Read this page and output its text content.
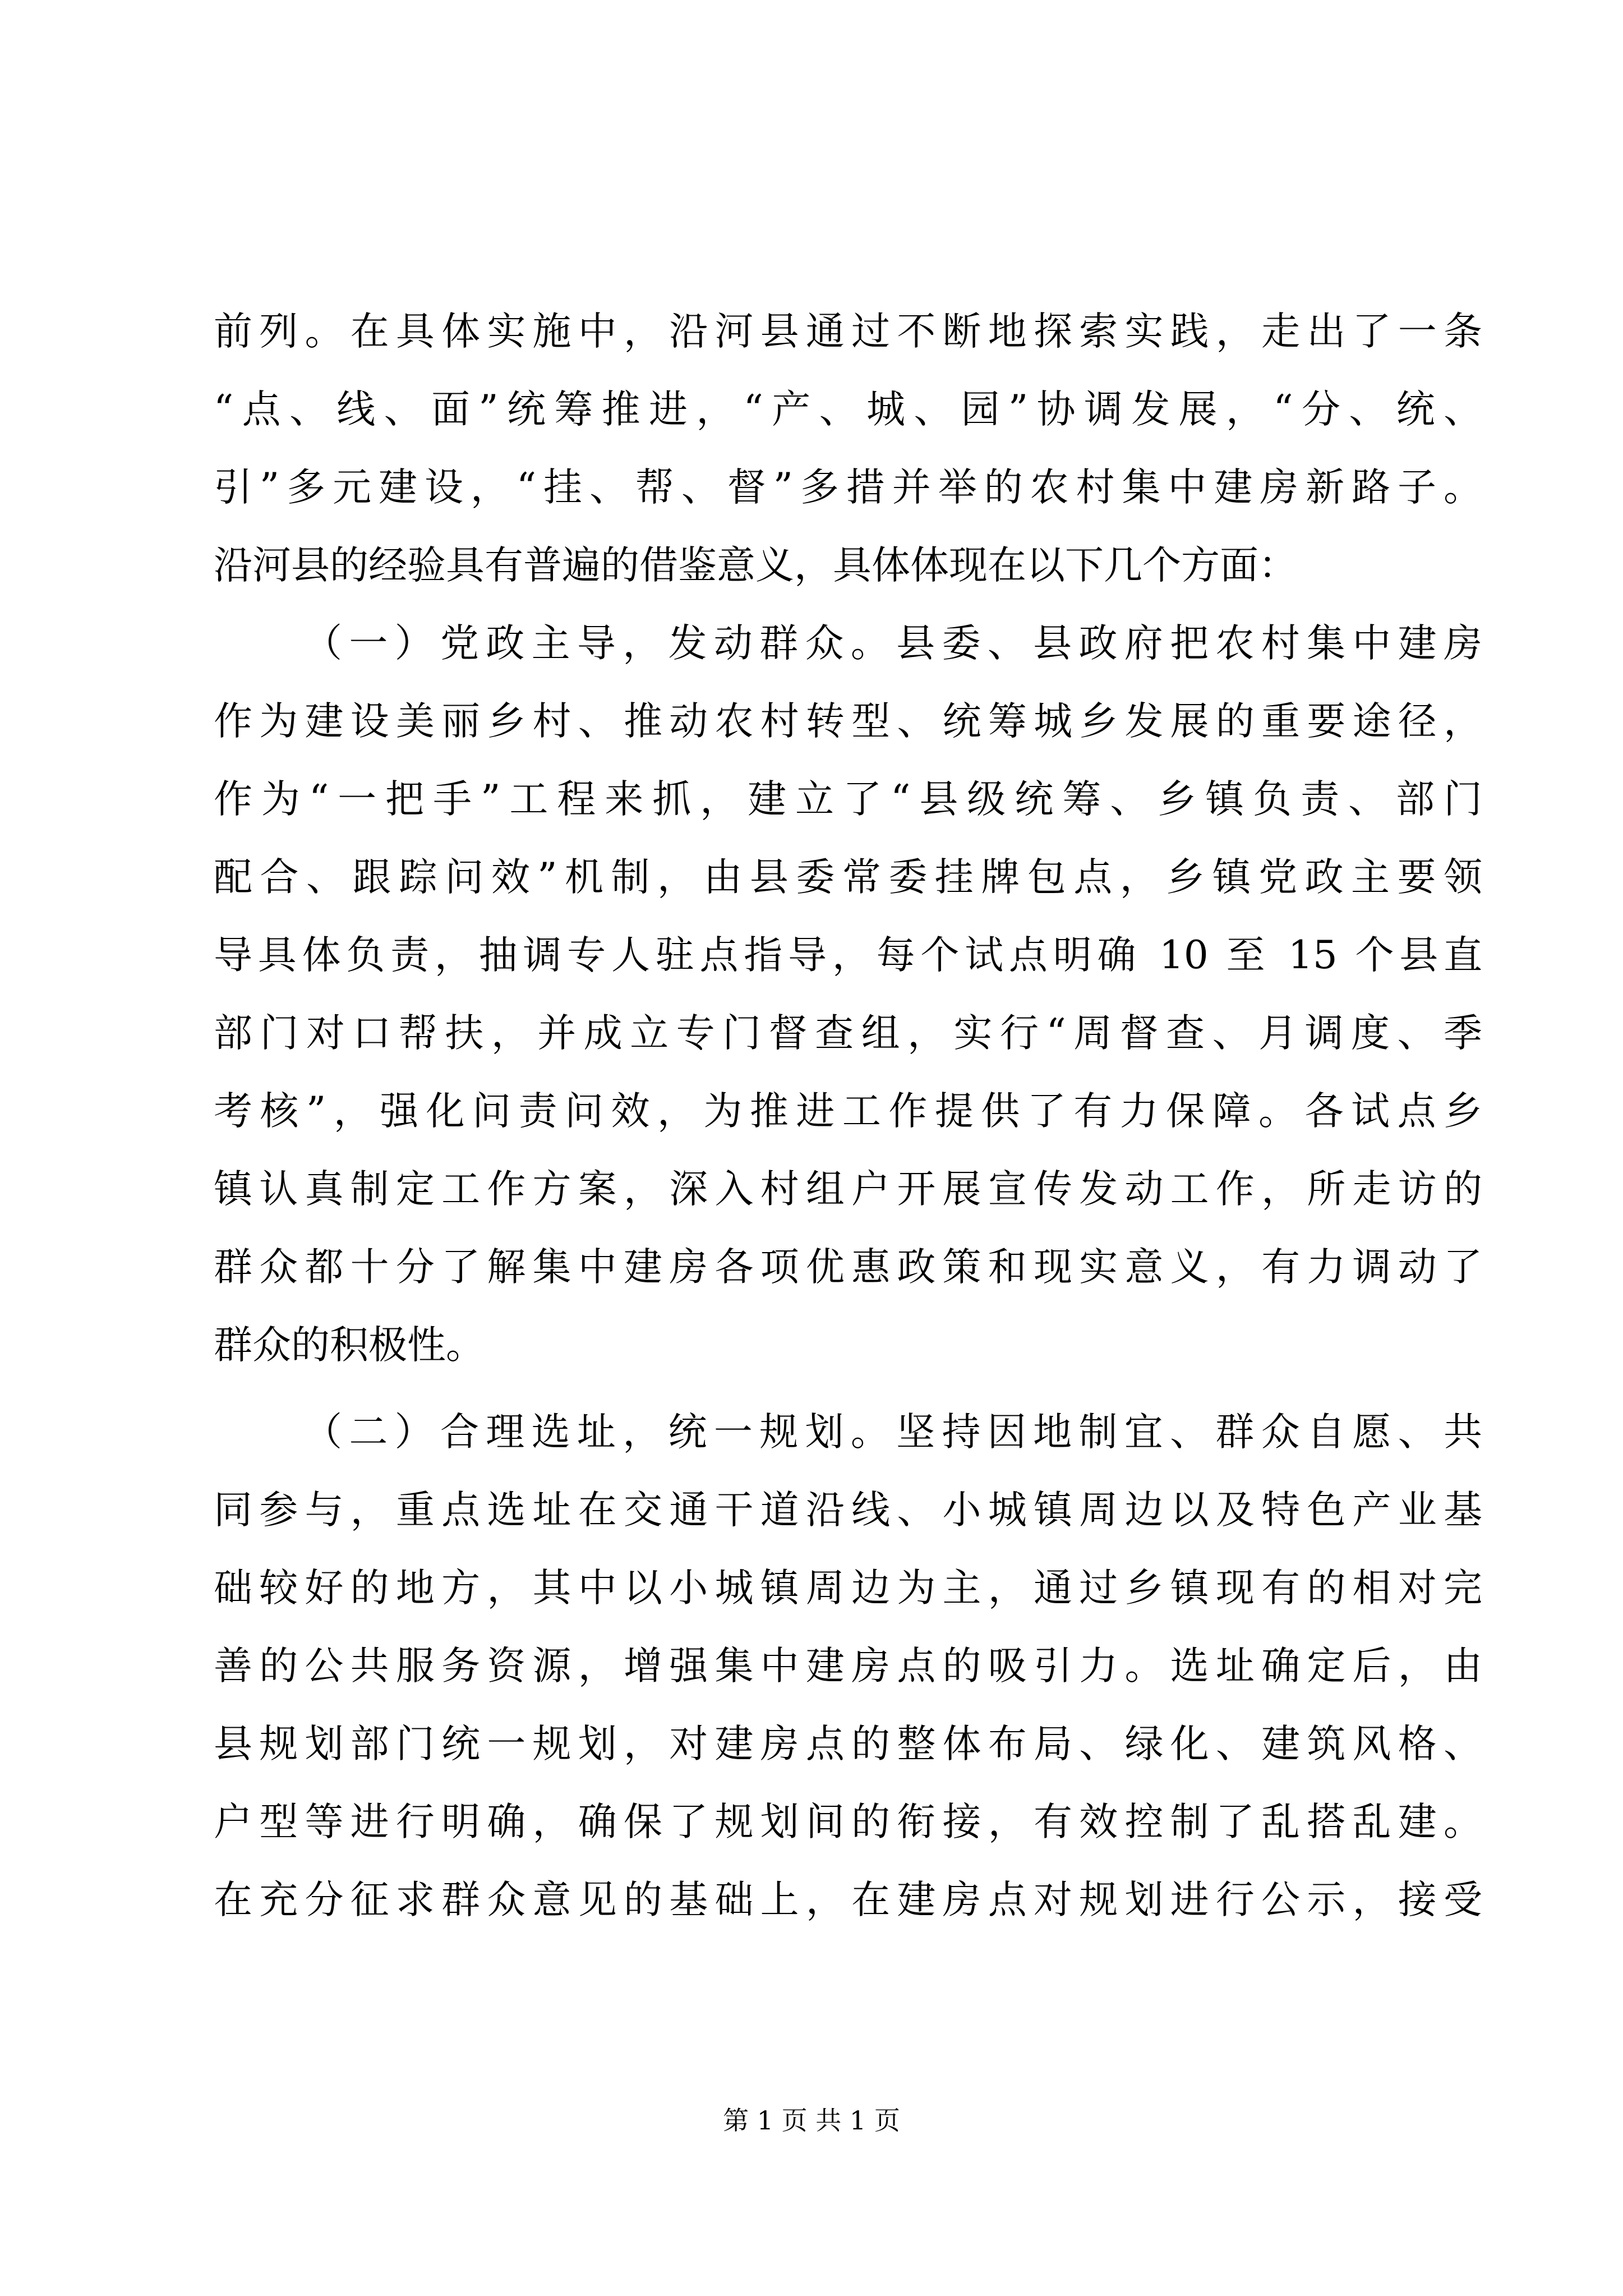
前列。在具体实施中，沿河县通过不断地探索实践，走出了一条
“点、线、面”统筹推进，“产、城、园”协调发展，“分、统、
引”多元建设，“挂、帮、督”多措并举的农村集中建房新路子。
沿河县的经验具有普遍的借鉴意义，具体体现在以下几个方面：
（一）党政主导，发动群众。县委、县政府把农村集中建房
作为建设美丽乡村、推动农村转型、统筹城乡发展的重要途径，
作为“一把手”工程来抓，建立了“县级统筹、乡镇负责、部门
配合、跟踪问效”机制，由县委常委挂牌包点，乡镇党政主要领
导具体负责，抽调专人驻点指导，每个试点明确 10 至 15 个县直
部门对口帮扶，并成立专门督查组，实行“周督查、月调度、季
考核”，强化问责问效，为推进工作提供了有力保障。各试点乡
镇认真制定工作方案，深入村组户开展宣传发动工作，所走访的
群众都十分了解集中建房各项优惠政策和现实意义，有力调动了
群众的积极性。
（二）合理选址，统一规划。坚持因地制宜、群众自愿、共
同参与，重点选址在交通干道沿线、小城镇周边以及特色产业基
础较好的地方，其中以小城镇周边为主，通过乡镇现有的相对完
善的公共服务资源，增强集中建房点的吸引力。选址确定后，由
县规划部门统一规划，对建房点的整体布局、绿化、建筑风格、
户型等进行明确，确保了规划间的衔接，有效控制了乱搭乱建。
在充分征求群众意见的基础上，在建房点对规划进行公示，接受
第 1 页 共 1 页
